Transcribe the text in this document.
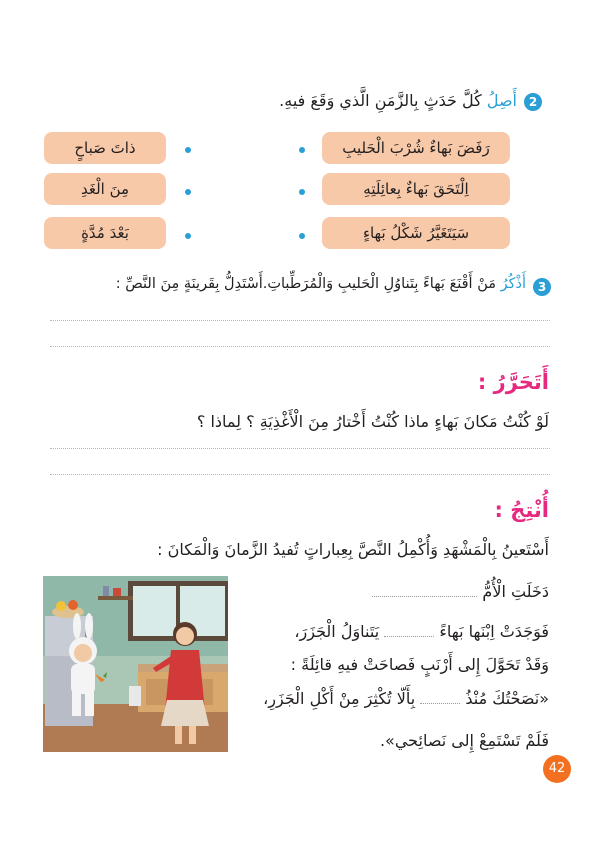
2
أَصِلُ كُلَّ حَدَثٍ بِالزَّمَنِ الَّذي وَقَعَ فيهِ.
رَفَضَ بَهاءٌ شُرْبَ الْحَليبِ
اِلْتَحَقَ بَهاءٌ بِعائِلَتِهِ
سَيَتَغَيَّرُ شَكْلُ بَهاءٍ
ذاتَ صَباحٍ
مِنَ الْغَدِ
بَعْدَ مُدَّةٍ
3
أَذْكُرُ مَنْ أَقْنَعَ بَهاءً بِتَناوُلِ الْحَليبِ وَالْمُرَطِّباتِ.أَسْتَدِلُّ بِقَرينَةٍ مِنَ النَّصِّ :
أَتَحَرَّرُ :
لَوْ كُنْتُ مَكانَ بَهاءٍ ماذا كُنْتُ أَخْتارُ مِنَ الْأَغْذِيَةِ ؟ لِماذا ؟
أُنْتِجُ :
أَسْتَعينُ بِالْمَشْهَدِ وَأُكْمِلُ النَّصَّ بِعِباراتٍ تُفيدُ الزَّمانَ وَالْمَكانَ :
دَخَلَتِ الْأُمُّ
فَوَجَدَتْ اِبْنَها بَهاءً  يَتَناوَلُ الْجَزَرَ،
وَقَدْ تَحَوَّلَ إِلى أَرْنَبٍ فَصاحَتْ فيهِ قائِلَةً :
«نَصَحْتُكَ مُنْذُ  بِأَلّا تُكْثِرَ مِنْ أَكْلِ الْجَزَرِ،
فَلَمْ تَسْتَمِعْ إِلى نَصائِحي».
42
